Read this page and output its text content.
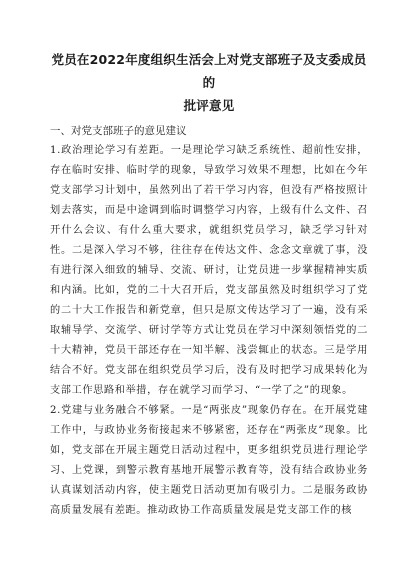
党员在2022年度组织生活会上对党支部班子及支委成员的
批评意见

一、对党支部班子的意见建议

1.政治理论学习有差距。一是理论学习缺乏系统性、超前性安排，存在临时安排、临时学的现象，导致学习效果不理想，比如在今年党支部学习计划中，虽然列出了若干学习内容，但没有严格按照计划去落实，而是中途调到临时调整学习内容，上级有什么文件、召开什么会议、有什么重大要求，就组织党员学习，缺乏学习针对性。二是深入学习不够，往往存在传达文件、念念文章就了事，没有进行深入细致的辅导、交流、研讨，让党员进一步掌握精神实质和内涵。比如，党的二十大召开后，党支部虽然及时组织学习了党的二十大工作报告和新党章，但只是原文传达学习了一遍，没有采取辅导学、交流学、研讨学等方式让党员在学习中深刻领悟党的二十大精神，党员干部还存在一知半解、浅尝辄止的状态。三是学用结合不好。党支部在组织党员学习后，没有及时把学习成果转化为支部工作思路和举措，存在就学习而学习、“一学了之”的现象。

2.党建与业务融合不够紧。一是“两张皮”现象仍存在。在开展党建工作中，与政协业务衔接起来不够紧密，还存在“两张皮”现象。比如，党支部在开展主题党日活动过程中，更多组织党员进行理论学习、上党课，到警示教育基地开展警示教育等，没有结合政协业务认真谋划活动内容，使主题党日活动更加有吸引力。二是服务政协高质量发展有差距。推动政协工作高质量发展是党支部工作的核
